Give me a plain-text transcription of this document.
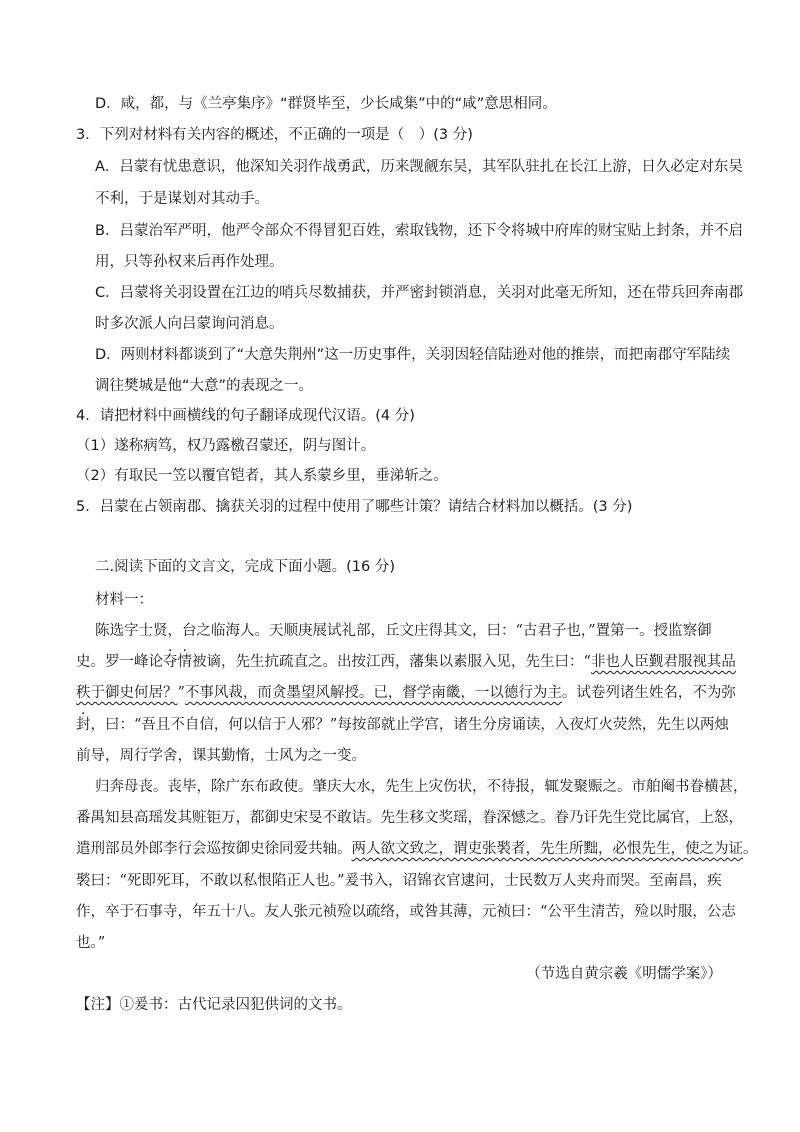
D．咸，都，与《兰亭集序》“群贤毕至，少长咸集”中的“咸”意思相同。
3．下列对材料有关内容的概述，不正确的一项是（　）(3 分)
A．吕蒙有忧患意识，他深知关羽作战勇武，历来觊觎东吴，其军队驻扎在长江上游，日久必定对东吴
不利，于是谋划对其动手。
B．吕蒙治军严明，他严令部众不得冒犯百姓，索取钱物，还下令将城中府库的财宝贴上封条，并不启
用，只等孙权来后再作处理。
C．吕蒙将关羽设置在江边的哨兵尽数捕获，并严密封锁消息，关羽对此毫无所知，还在带兵回奔南郡
时多次派人向吕蒙询问消息。
D．两则材料都谈到了“大意失荆州”这一历史事件，关羽因轻信陆逊对他的推崇，而把南郡守军陆续
调往樊城是他“大意”的表现之一。
4．请把材料中画横线的句子翻译成现代汉语。(4 分)
（1）遂称病笃，权乃露檄召蒙还，阴与图计。
（2）有取民一笠以覆官铠者，其人系蒙乡里，垂涕斩之。
5．吕蒙在占领南郡、擒获关羽的过程中使用了哪些计策？请结合材料加以概括。(3 分)
二.阅读下面的文言文，完成下面小题。(16 分)
材料一：
陈选字士贤，台之临海人。天顺庚展试礼部，丘文庄得其文，曰：“古君子也，”置第一。授监察御
史。罗一峰论夺情被谪，先生抗疏直之。出按江西，藩集以素服入见，先生曰：“非也人臣觐君服视其品
秩于御史何居？”不事风裁，而贪墨望风解授。已，督学南畿，一以德行为主。试卷列诸生姓名，不为弥
封，曰：“吾且不自信，何以信于人邪？”每按部就止学宫，诸生分房诵读，入夜灯火荧然，先生以两烛
前导，周行学舍，课其勤惰，士风为之一变。
归奔母丧。丧毕，除广东布政使。肇庆大水，先生上灾伤状，不待报，辄发聚赈之。市舶阉书眷横甚，
番禺知县高瑶发其赃钜万，都御史宋旻不敢诘。先生移文奖瑶，眷深憾之。眷乃讦先生党比属官，上怒，
遣刑部员外郎李行会巡按御史徐同爱共轴。两人欲文致之，谓吏张褧者，先生所黜，必恨先生，使之为证。
褧曰：“死即死耳，不敢以私恨陷正人也。”爰书入，诏锦衣官逮问，士民数万人夹舟而哭。至南昌，疾
作，卒于石事寺，年五十八。友人张元祯殓以疏络，或咎其薄，元祯曰：“公平生清苦，殓以时服，公志
也。”
（节选自黄宗羲《明儒学案》）
【注】①爰书：古代记录囚犯供词的文书。
